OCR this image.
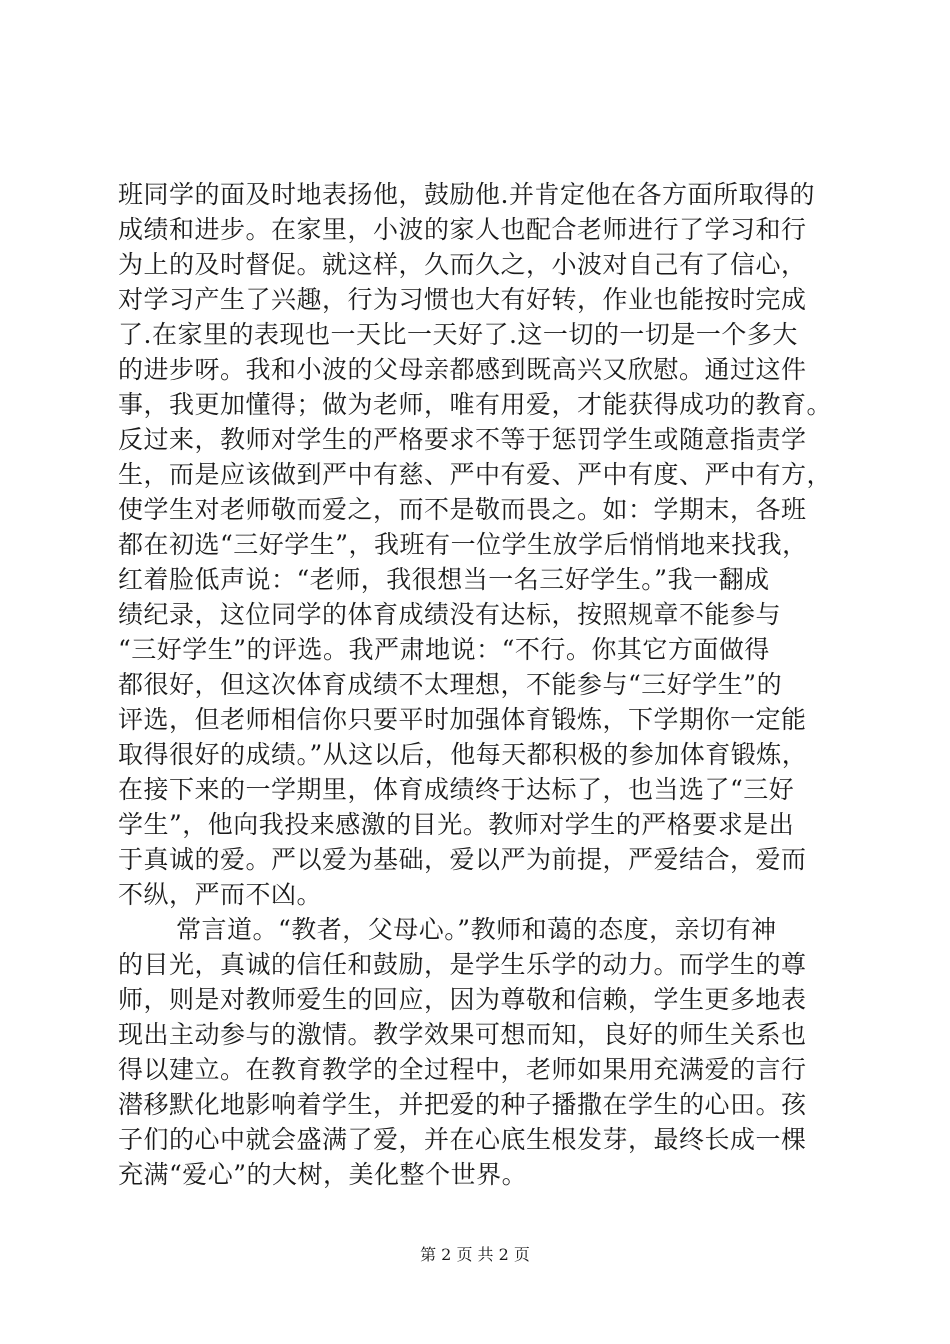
班同学的面及时地表扬他，鼓励他.并肯定他在各方面所取得的
成绩和进步。在家里，小波的家人也配合老师进行了学习和行
为上的及时督促。就这样，久而久之，小波对自己有了信心，
对学习产生了兴趣，行为习惯也大有好转，作业也能按时完成
了.在家里的表现也一天比一天好了.这一切的一切是一个多大
的进步呀。我和小波的父母亲都感到既高兴又欣慰。通过这件
事，我更加懂得；做为老师，唯有用爱，才能获得成功的教育。
反过来，教师对学生的严格要求不等于惩罚学生或随意指责学
生，而是应该做到严中有慈、严中有爱、严中有度、严中有方，
使学生对老师敬而爱之，而不是敬而畏之。如：学期末，各班
都在初选“三好学生”，我班有一位学生放学后悄悄地来找我，
红着脸低声说：“老师，我很想当一名三好学生。”我一翻成
绩纪录，这位同学的体育成绩没有达标，按照规章不能参与
“三好学生”的评选。我严肃地说：“不行。你其它方面做得
都很好，但这次体育成绩不太理想，不能参与“三好学生”的
评选，但老师相信你只要平时加强体育锻炼，下学期你一定能
取得很好的成绩。”从这以后，他每天都积极的参加体育锻炼，
在接下来的一学期里，体育成绩终于达标了，也当选了“三好
学生”，他向我投来感激的目光。教师对学生的严格要求是出
于真诚的爱。严以爱为基础，爱以严为前提，严爱结合，爱而
不纵，严而不凶。
常言道。“教者，父母心。”教师和蔼的态度，亲切有神
的目光，真诚的信任和鼓励，是学生乐学的动力。而学生的尊
师，则是对教师爱生的回应，因为尊敬和信赖，学生更多地表
现出主动参与的激情。教学效果可想而知，良好的师生关系也
得以建立。在教育教学的全过程中，老师如果用充满爱的言行
潜移默化地影响着学生，并把爱的种子播撒在学生的心田。孩
子们的心中就会盛满了爱，并在心底生根发芽，最终长成一棵
充满“爱心”的大树，美化整个世界。
第 2 页 共 2 页
